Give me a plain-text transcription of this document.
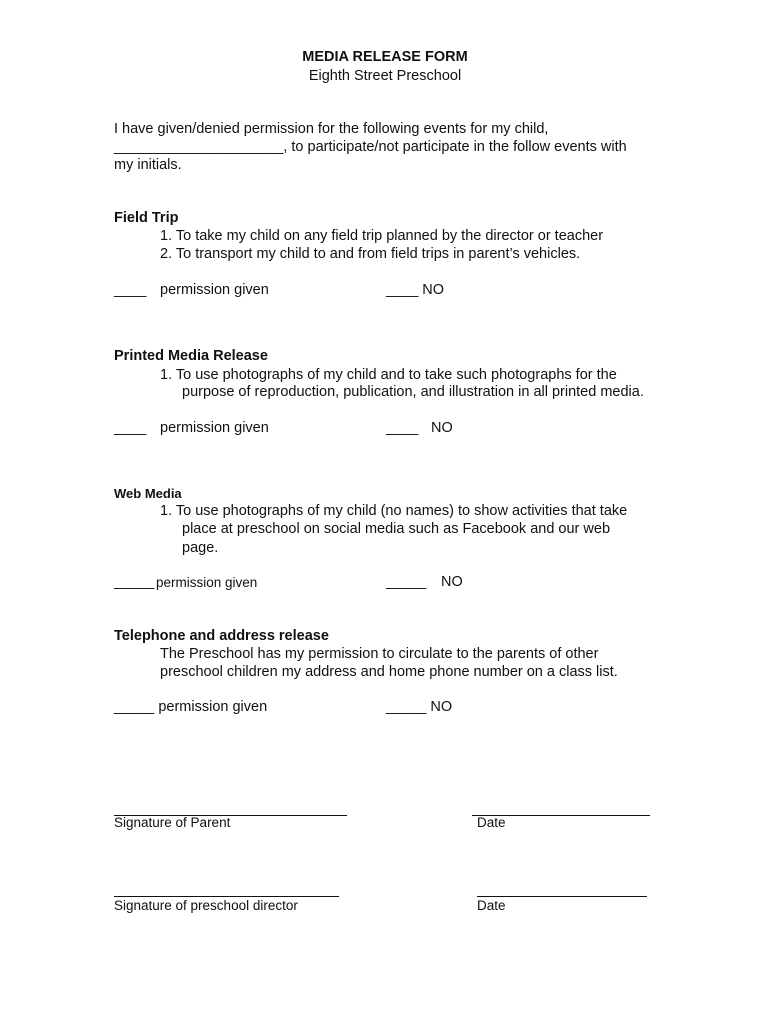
MEDIA RELEASE FORM
Eighth Street Preschool
I have given/denied permission for the following events for my child,
_____________________, to participate/not participate in the follow events with
my initials.
Field Trip
1. To take my child on any field trip planned by the director or teacher
2. To transport my child to and from field trips in parent’s vehicles.
____ permission given	____ NO
Printed Media Release
1. To use photographs of my child and to take such photographs for the
purpose of reproduction, publication, and illustration in all printed media.
____ permission given	____ NO
Web Media
1. To use photographs of my child (no names) to show activities that take
place at preschool on social media such as Facebook and our web
page.
_____ permission given	_____ NO
Telephone and address release
The Preschool has my permission to circulate to the parents of other
preschool children my address and home phone number on a class list.
_____ permission given	_____ NO
Signature of Parent	Date
Signature of preschool director	Date
